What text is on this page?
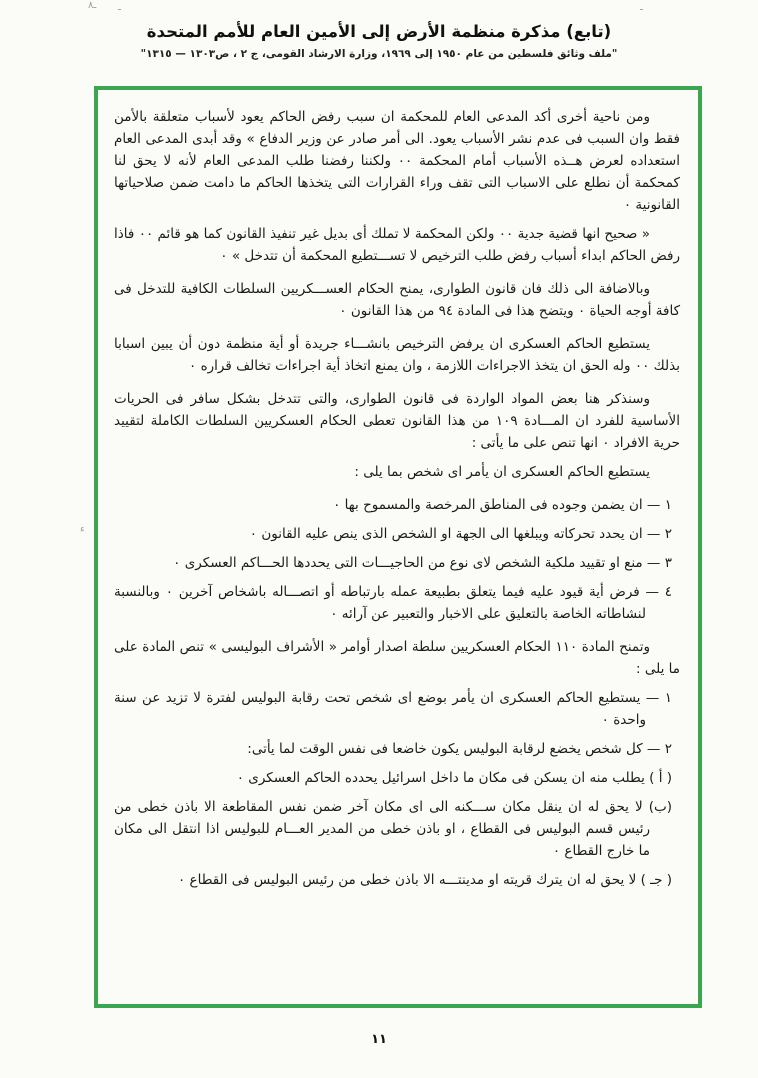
ـ٨ ـ	ـ
ء
(تابع) مذكرة منظمة الأرض إلى الأمين العام للأمم المتحدة
"ملف وثائق فلسطين من عام ١٩٥٠ إلى ١٩٦٩، وزارة الارشاد القومى، ج ٢ ، ص١٣٠٣ — ١٣١٥"

ومن ناحية أخرى أكد المدعى العام للمحكمة ان سبب رفض الحاكم يعود لأسباب متعلقة بالأمن فقط وان السبب فى عدم نشر الأسباب يعود. الى أمر صادر عن وزير الدفاع » وقد أبدى المدعى العام استعداده لعرض هــذه الأسباب أمام المحكمة ٠٠ ولكننا رفضنا طلب المدعى العام لأنه لا يحق لنا كمحكمة أن نطلع على الاسباب التى تقف وراء القرارات التى يتخذها الحاكم ما دامت ضمن صلاحياتها القانونية ٠

« صحيح انها قضية جدية ٠٠ ولكن المحكمة لا تملك أى بديل غير تنفيذ القانون كما هو قائم ٠٠ فاذا رفض الحاكم ابداء أسباب رفض طلب الترخيص لا تســـتطيع المحكمة أن تتدخل » ٠

وبالاضافة الى ذلك فان قانون الطوارى، يمنح الحكام العســـكريين السلطات الكافية للتدخل فى كافة أوجه الحياة ٠ ويتضح هذا فى المادة ٩٤ من هذا القانون ٠

يستطيع الحاكم العسكرى ان يرفض الترخيص بانشـــاء جريدة أو أية منظمة دون أن يبين اسبابا بذلك ٠٠ وله الحق ان يتخذ الاجراءات اللازمة ، وان يمنع اتخاذ أية اجراءات تخالف قراره ٠

وسنذكر هنا بعض المواد الواردة فى قانون الطوارى، والتى تتدخل بشكل سافر فى الحريات الأساسية للفرد ان المـــادة ١٠٩ من هذا القانون تعطى الحكام العسكريين السلطات الكاملة لتقييد حرية الافراد ٠ انها تنص على ما يأتى :

يستطيع الحاكم العسكرى ان يأمر اى شخص بما يلى :

١ — ان يضمن وجوده فى المناطق المرخصة والمسموح بها ٠

٢ — ان يحدد تحركاته ويبلغها الى الجهة او الشخص الذى ينص عليه القانون ٠

٣ — منع او تقييد ملكية الشخص لاى نوع من الحاجيـــات التى يحددها الحـــاكم العسكرى ٠

٤ — فرض أية قيود عليه فيما يتعلق بطبيعة عمله بارتباطه أو اتصـــاله باشخاص آخرين ٠ وبالنسبة لنشاطاته الخاصة بالتعليق على الاخبار والتعبير عن آرائه ٠

وتمنح المادة ١١٠ الحكام العسكريين سلطة اصدار أوامر « الأشراف البوليسى » تنص المادة على ما يلى :

١ — يستطيع الحاكم العسكرى ان يأمر بوضع اى شخص تحت رقابة البوليس لفترة لا تزيد عن سنة واحدة ٠

٢ — كل شخص يخضع لرقابة البوليس يكون خاضعا فى نفس الوقت لما يأتى:

( أ ) يطلب منه ان يسكن فى مكان ما داخل اسرائيل يحدده الحاكم العسكرى ٠

(ب) لا يحق له ان ينقل مكان ســـكنه الى اى مكان آخر ضمن نفس المقاطعة الا باذن خطى من رئيس قسم البوليس فى القطاع ، او باذن خطى من المدير العـــام للبوليس اذا انتقل الى مكان ما خارج القطاع ٠

( جـ ) لا يحق له ان يترك قريته او مدينتـــه الا باذن خطى من رئيس البوليس فى القطاع ٠

١١
